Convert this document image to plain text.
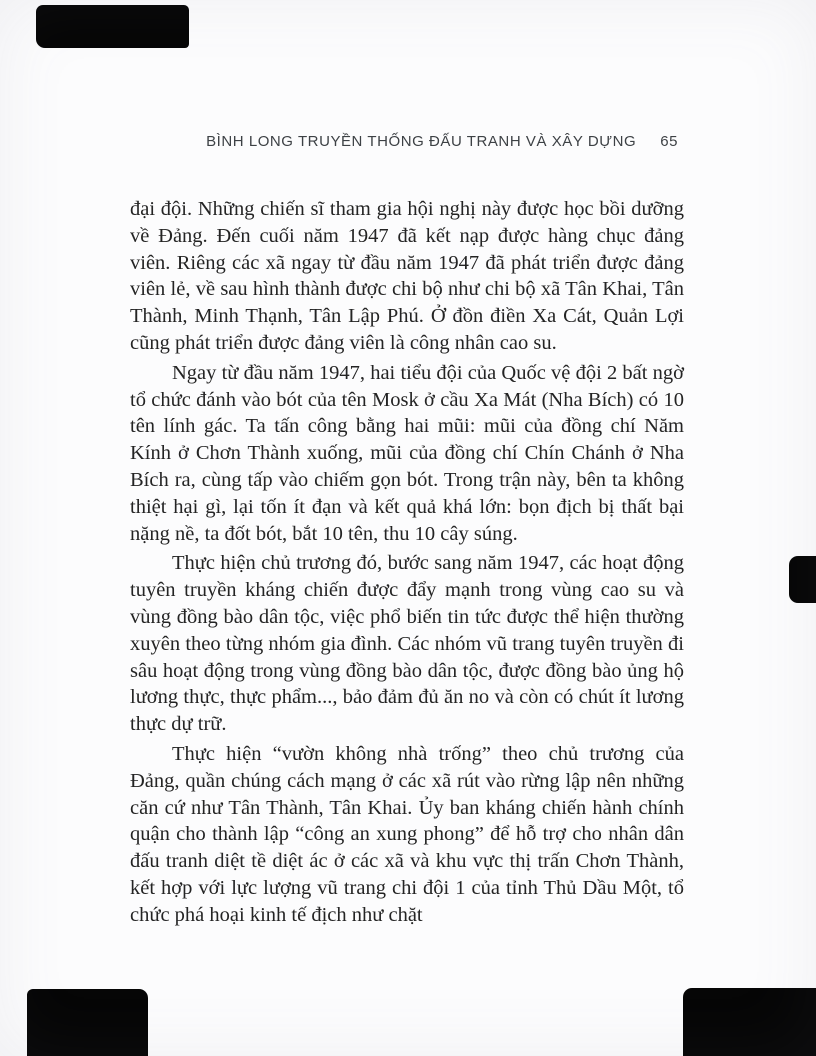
BÌNH LONG TRUYỀN THỐNG ĐẤU TRANH VÀ XÂY DỰNG 65

đại đội. Những chiến sĩ tham gia hội nghị này được học bồi dưỡng về Đảng. Đến cuối năm 1947 đã kết nạp được hàng chục đảng viên. Riêng các xã ngay từ đầu năm 1947 đã phát triển được đảng viên lẻ, về sau hình thành được chi bộ như chi bộ xã Tân Khai, Tân Thành, Minh Thạnh, Tân Lập Phú. Ở đồn điền Xa Cát, Quản Lợi cũng phát triển được đảng viên là công nhân cao su.

Ngay từ đầu năm 1947, hai tiểu đội của Quốc vệ đội 2 bất ngờ tổ chức đánh vào bót của tên Mosk ở cầu Xa Mát (Nha Bích) có 10 tên lính gác. Ta tấn công bằng hai mũi: mũi của đồng chí Năm Kính ở Chơn Thành xuống, mũi của đồng chí Chín Chánh ở Nha Bích ra, cùng tấp vào chiếm gọn bót. Trong trận này, bên ta không thiệt hại gì, lại tốn ít đạn và kết quả khá lớn: bọn địch bị thất bại nặng nề, ta đốt bót, bắt 10 tên, thu 10 cây súng.

Thực hiện chủ trương đó, bước sang năm 1947, các hoạt động tuyên truyền kháng chiến được đẩy mạnh trong vùng cao su và vùng đồng bào dân tộc, việc phổ biến tin tức được thể hiện thường xuyên theo từng nhóm gia đình. Các nhóm vũ trang tuyên truyền đi sâu hoạt động trong vùng đồng bào dân tộc, được đồng bào ủng hộ lương thực, thực phẩm..., bảo đảm đủ ăn no và còn có chút ít lương thực dự trữ.

Thực hiện “vườn không nhà trống” theo chủ trương của Đảng, quần chúng cách mạng ở các xã rút vào rừng lập nên những căn cứ như Tân Thành, Tân Khai. Ủy ban kháng chiến hành chính quận cho thành lập “công an xung phong” để hỗ trợ cho nhân dân đấu tranh diệt tề diệt ác ở các xã và khu vực thị trấn Chơn Thành, kết hợp với lực lượng vũ trang chi đội 1 của tỉnh Thủ Dầu Một, tổ chức phá hoại kinh tế địch như chặt
